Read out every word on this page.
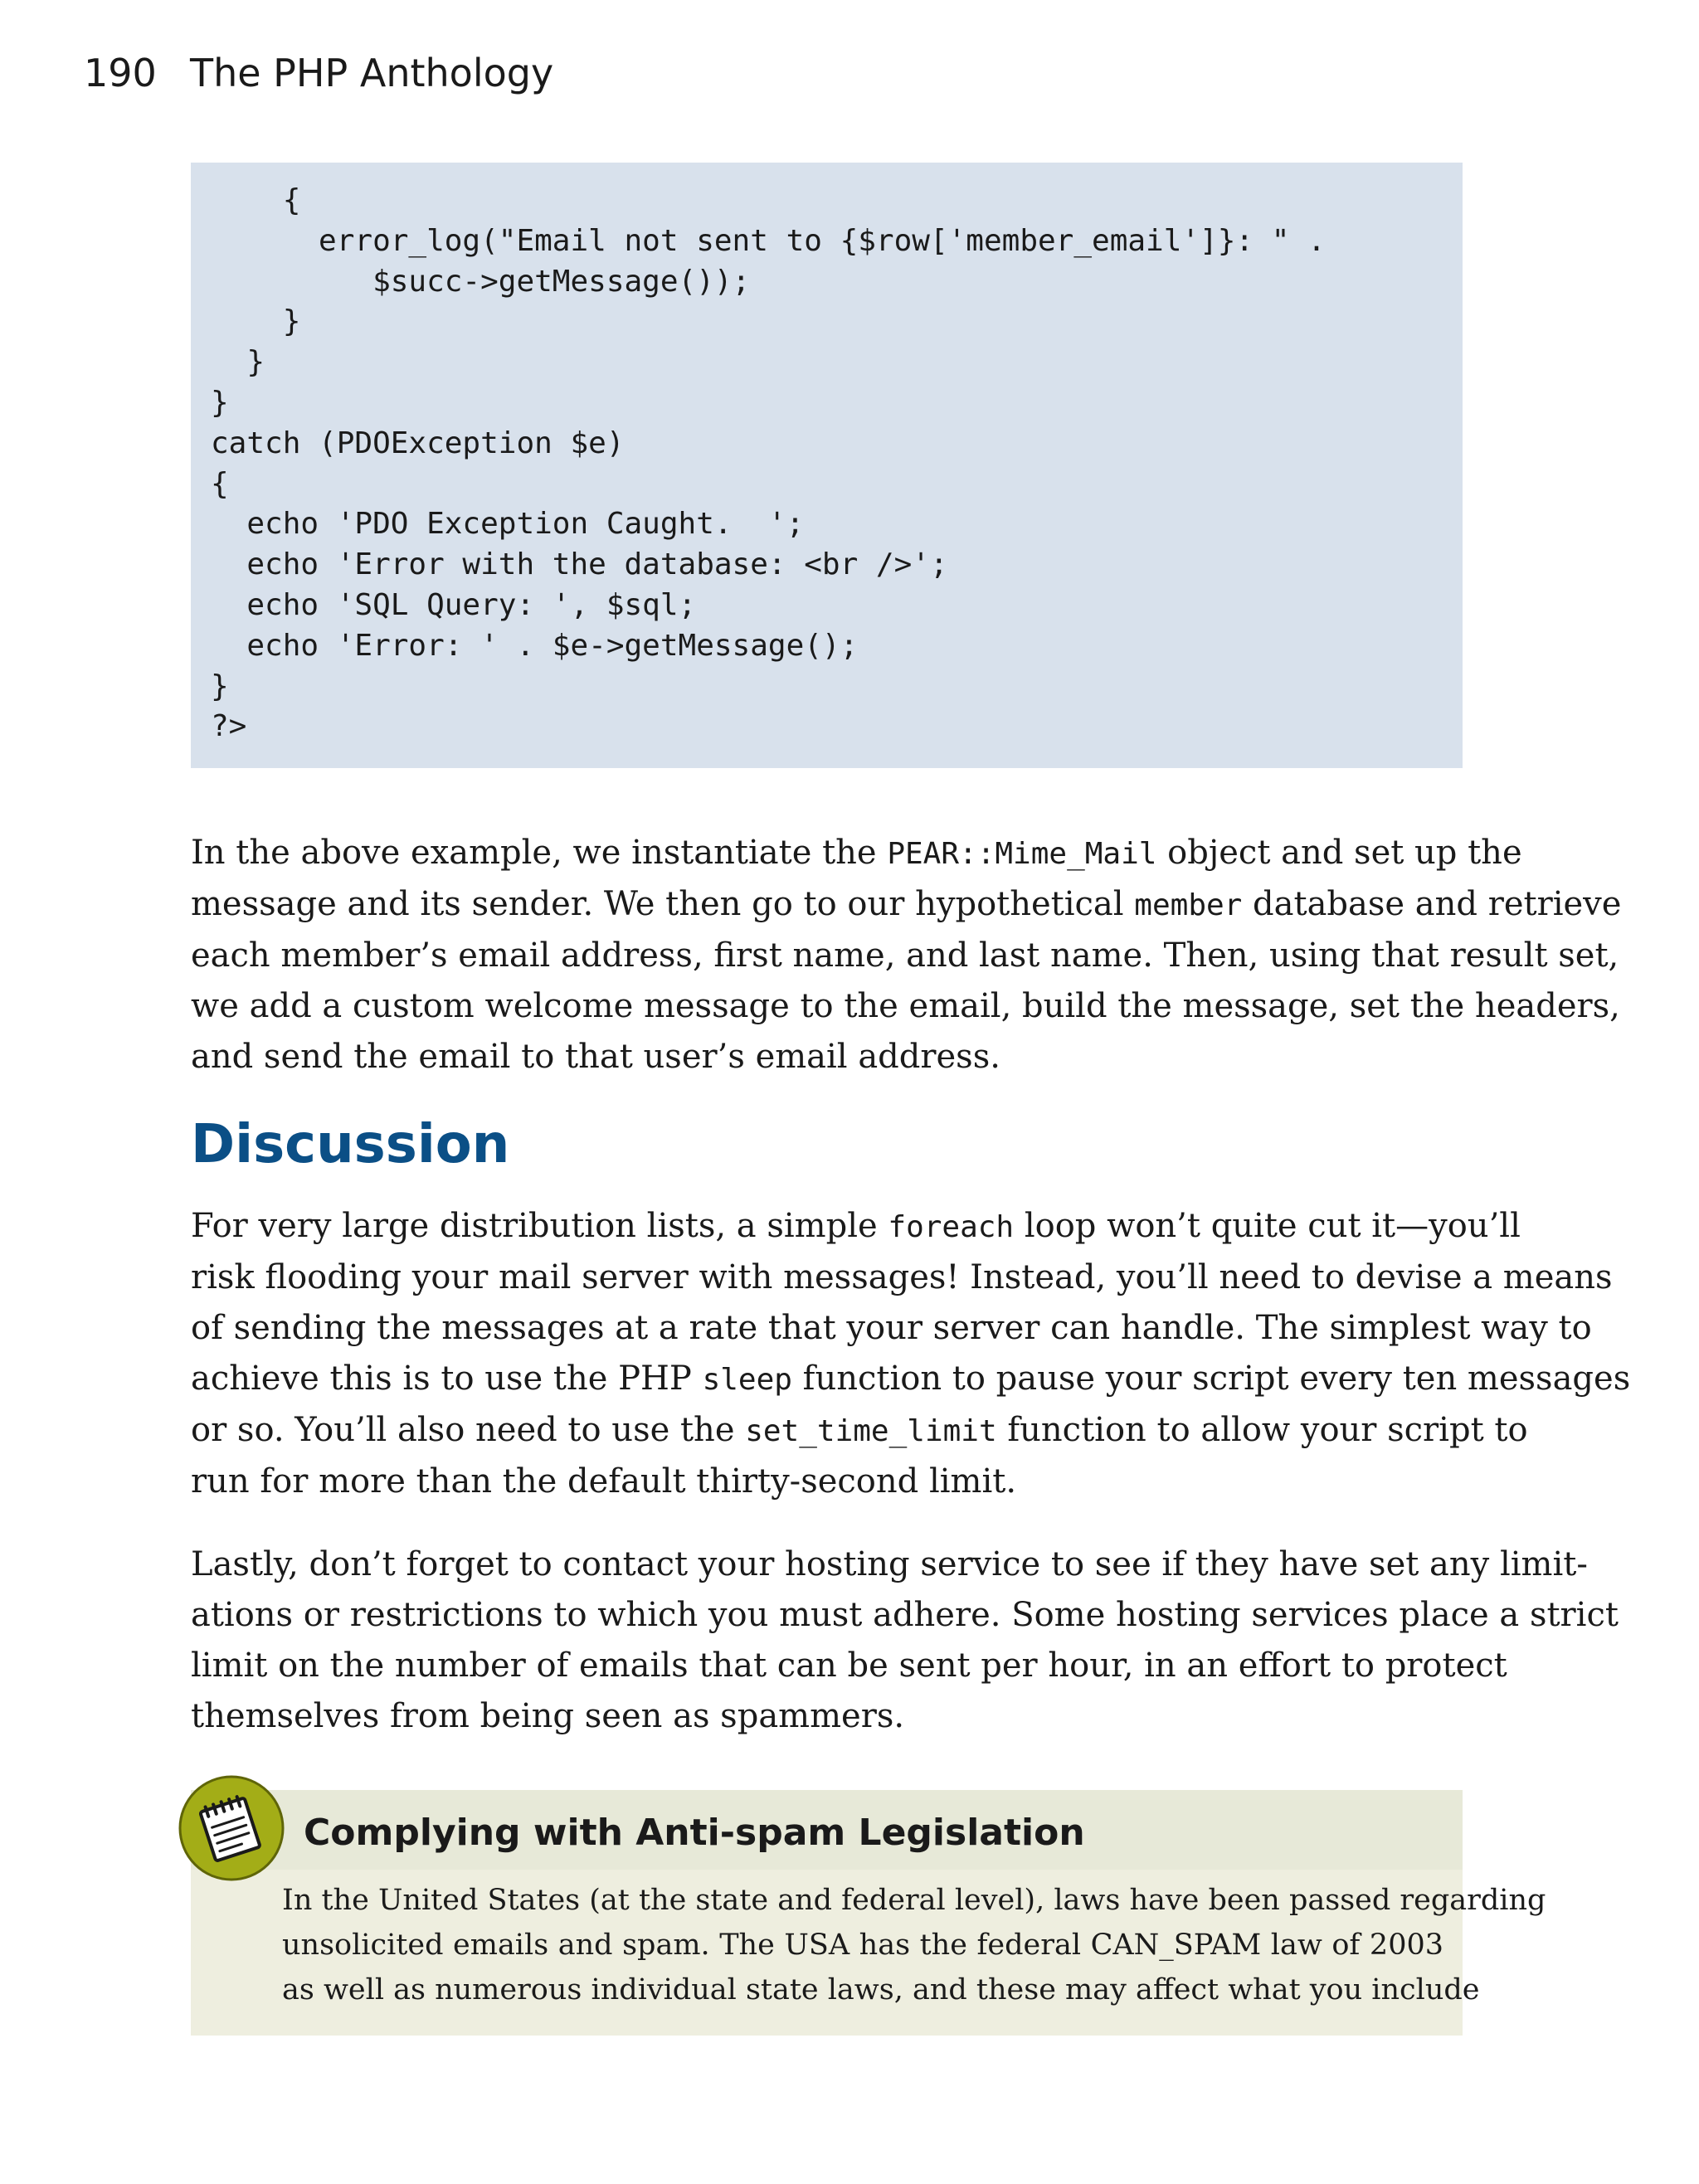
190 The PHP Anthology
{
error_log("Email not sent to {$row['member_email']}: " .
$succ->getMessage());
}
}
}
catch (PDOException $e)
{
echo 'PDO Exception Caught.  ';
echo 'Error with the database: <br />';
echo 'SQL Query: ', $sql;
echo 'Error: ' . $e->getMessage();
}
?>
In the above example, we instantiate the PEAR::Mime_Mail object and set up the
message and its sender. We then go to our hypothetical member database and retrieve
each member’s email address, first name, and last name. Then, using that result set,
we add a custom welcome message to the email, build the message, set the headers,
and send the email to that user’s email address.
Discussion
For very large distribution lists, a simple foreach loop won’t quite cut it—you’ll
risk flooding your mail server with messages! Instead, you’ll need to devise a means
of sending the messages at a rate that your server can handle. The simplest way to
achieve this is to use the PHP sleep function to pause your script every ten messages
or so. You’ll also need to use the set_time_limit function to allow your script to
run for more than the default thirty-second limit.
Lastly, don’t forget to contact your hosting service to see if they have set any limit-
ations or restrictions to which you must adhere. Some hosting services place a strict
limit on the number of emails that can be sent per hour, in an effort to protect
themselves from being seen as spammers.
Complying with Anti-spam Legislation
In the United States (at the state and federal level), laws have been passed regarding
unsolicited emails and spam. The USA has the federal CAN_SPAM law of 2003
as well as numerous individual state laws, and these may affect what you include
